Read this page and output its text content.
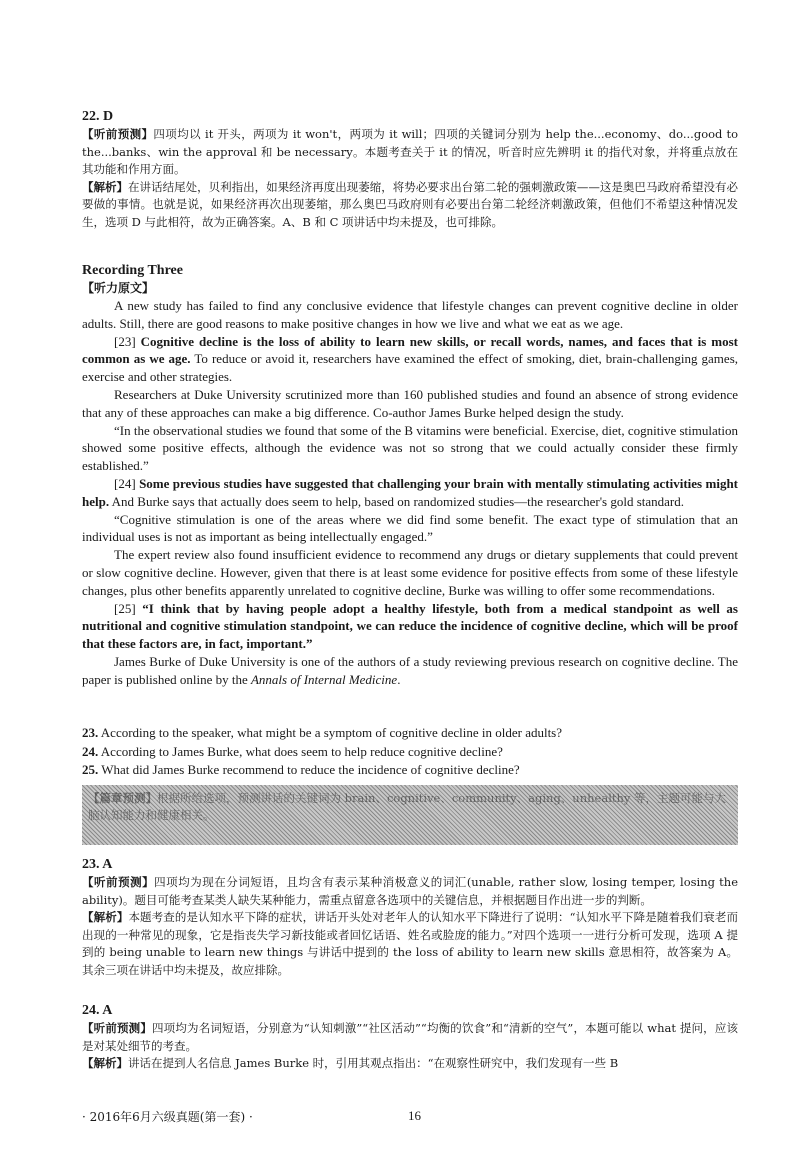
22. D

【听前预测】四项均以 it 开头，两项为 it won't，两项为 it will；四项的关键词分别为 help the...economy、do...good to the...banks、win the approval 和 be necessary。本题考查关于 it 的情况，听音时应先辨明 it 的指代对象，并将重点放在其功能和作用方面。

【解析】在讲话结尾处，贝利指出，如果经济再度出现萎缩，将势必要求出台第二轮的强刺激政策——这是奥巴马政府希望没有必要做的事情。也就是说，如果经济再次出现萎缩，那么奥巴马政府则有必要出台第二轮经济刺激政策，但他们不希望这种情况发生，选项 D 与此相符，故为正确答案。A、B 和 C 项讲话中均未提及，也可排除。

Recording Three
【听力原文】

A new study has failed to find any conclusive evidence that lifestyle changes can prevent cognitive decline in older adults. Still, there are good reasons to make positive changes in how we live and what we eat as we age.

[23] Cognitive decline is the loss of ability to learn new skills, or recall words, names, and faces that is most common as we age. To reduce or avoid it, researchers have examined the effect of smoking, diet, brain-challenging games, exercise and other strategies.

Researchers at Duke University scrutinized more than 160 published studies and found an absence of strong evidence that any of these approaches can make a big difference. Co-author James Burke helped design the study.

“In the observational studies we found that some of the B vitamins were beneficial. Exercise, diet, cognitive stimulation showed some positive effects, although the evidence was not so strong that we could actually consider these firmly established.”

[24] Some previous studies have suggested that challenging your brain with mentally stimulating activities might help. And Burke says that actually does seem to help, based on randomized studies—the researcher's gold standard.

“Cognitive stimulation is one of the areas where we did find some benefit. The exact type of stimulation that an individual uses is not as important as being intellectually engaged.”

The expert review also found insufficient evidence to recommend any drugs or dietary supplements that could prevent or slow cognitive decline. However, given that there is at least some evidence for positive effects from some of these lifestyle changes, plus other benefits apparently unrelated to cognitive decline, Burke was willing to offer some recommendations.

[25] “I think that by having people adopt a healthy lifestyle, both from a medical standpoint as well as nutritional and cognitive stimulation standpoint, we can reduce the incidence of cognitive decline, which will be proof that these factors are, in fact, important.”

James Burke of Duke University is one of the authors of a study reviewing previous research on cognitive decline. The paper is published online by the Annals of Internal Medicine.

23. According to the speaker, what might be a symptom of cognitive decline in older adults?

24. According to James Burke, what does seem to help reduce cognitive decline?

25. What did James Burke recommend to reduce the incidence of cognitive decline?

【篇章预测】根据所给选项，预测讲话的关键词为 brain、cognitive、community、aging、unhealthy 等，主题可能与大脑认知能力和健康相关。
23. A

【听前预测】四项均为现在分词短语，且均含有表示某种消极意义的词汇(unable, rather slow, losing temper, losing the ability)。题目可能考查某类人缺失某种能力，需重点留意各选项中的关键信息，并根据题目作出进一步的判断。

【解析】本题考查的是认知水平下降的症状，讲话开头处对老年人的认知水平下降进行了说明：“认知水平下降是随着我们衰老而出现的一种常见的现象，它是指丧失学习新技能或者回忆话语、姓名或脸庞的能力。”对四个选项一一进行分析可发现，选项 A 提到的 being unable to learn new things 与讲话中提到的 the loss of ability to learn new skills 意思相符，故答案为 A。其余三项在讲话中均未提及，故应排除。

24. A

【听前预测】四项均为名词短语，分别意为“认知刺激”“社区活动”“均衡的饮食”和“清新的空气”，本题可能以 what 提问，应该是对某处细节的考查。

【解析】讲话在提到人名信息 James Burke 时，引用其观点指出：“在观察性研究中，我们发现有一些 B

· 2016年6月六级真题(第一套) ·	16
